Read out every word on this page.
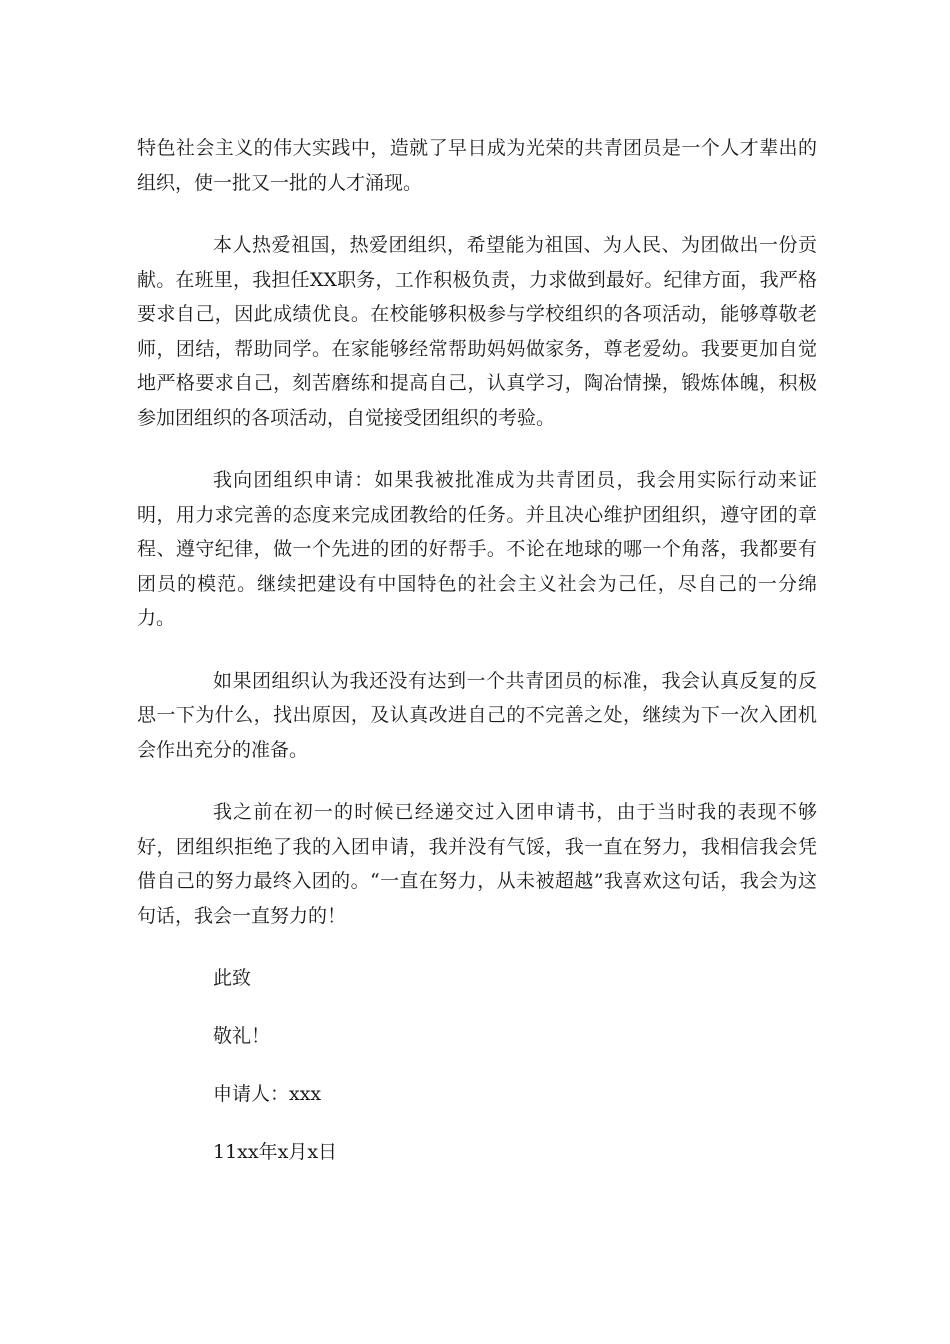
特色社会主义的伟大实践中，造就了早日成为光荣的共青团员是一个人才辈出的组织，使一批又一批的人才涌现。

本人热爱祖国，热爱团组织，希望能为祖国、为人民、为团做出一份贡献。在班里，我担任XX职务，工作积极负责，力求做到最好。纪律方面，我严格要求自己，因此成绩优良。在校能够积极参与学校组织的各项活动，能够尊敬老师，团结，帮助同学。在家能够经常帮助妈妈做家务，尊老爱幼。我要更加自觉地严格要求自己，刻苦磨练和提高自己，认真学习，陶冶情操，锻炼体魄，积极参加团组织的各项活动，自觉接受团组织的考验。

我向团组织申请：如果我被批准成为共青团员，我会用实际行动来证明，用力求完善的态度来完成团教给的任务。并且决心维护团组织，遵守团的章程、遵守纪律，做一个先进的团的好帮手。不论在地球的哪一个角落，我都要有团员的模范。继续把建设有中国特色的社会主义社会为己任，尽自己的一分绵力。

如果团组织认为我还没有达到一个共青团员的标准，我会认真反复的反思一下为什么，找出原因，及认真改进自己的不完善之处，继续为下一次入团机会作出充分的准备。

我之前在初一的时候已经递交过入团申请书，由于当时我的表现不够好，团组织拒绝了我的入团申请，我并没有气馁，我一直在努力，我相信我会凭借自己的努力最终入团的。“一直在努力，从未被超越”我喜欢这句话，我会为这句话，我会一直努力的！

此致
敬礼！
申请人：xxx
11xx年x月x日
